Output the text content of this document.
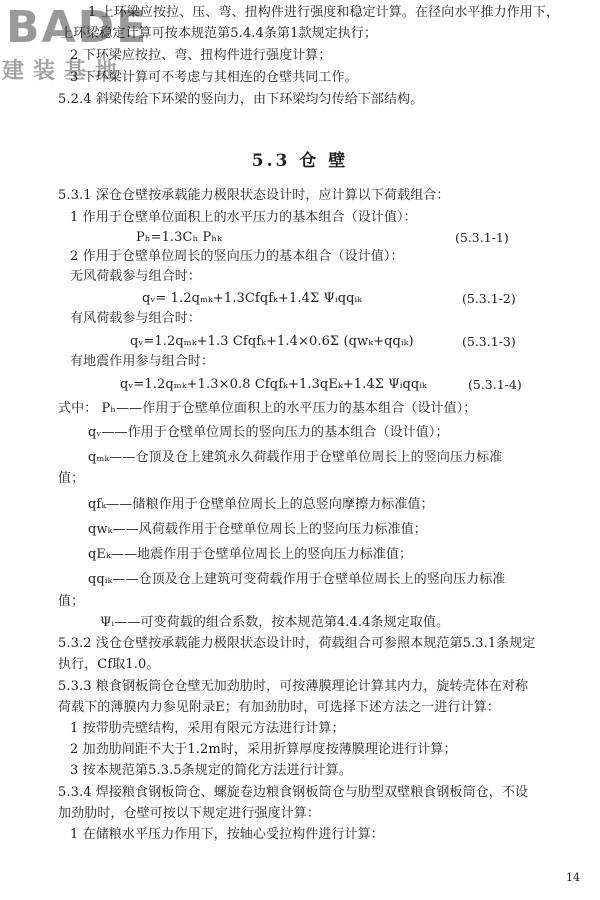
BADE
建装基地
1 上环梁应按拉、压、弯、扭构件进行强度和稳定计算。在径向水平推力作用下，
上环梁稳定计算可按本规范第5.4.4条第1款规定执行；
2 下环梁应按拉、弯、扭构件进行强度计算；
3 下环梁计算可不考虑与其相连的仓壁共同工作。
5.2.4 斜梁传给下环梁的竖向力，由下环梁均匀传给下部结构。
5.3 仓 壁
5.3.1 深仓仓壁按承载能力极限状态设计时，应计算以下荷载组合：
1 作用于仓壁单位面积上的水平压力的基本组合（设计值）：
Pₕ=1.3Cₕ Pₕₖ	(5.3.1-1)
2 作用于仓壁单位周长的竖向压力的基本组合（设计值）：
无风荷载参与组合时：
qᵥ= 1.2qₘₖ+1.3Cfqfₖ+1.4Σ Ψᵢqqᵢₖ	(5.3.1-2)
有风荷载参与组合时：
qᵥ=1.2qₘₖ+1.3 Cfqfₖ+1.4×0.6Σ (qwₖ+qqᵢₖ)	(5.3.1-3)
有地震作用参与组合时：
qᵥ=1.2qₘₖ+1.3×0.8 Cfqfₖ+1.3qEₖ+1.4Σ Ψᵢqqᵢₖ	(5.3.1-4)
式中： Pₕ——作用于仓壁单位面积上的水平压力的基本组合（设计值）；
qᵥ——作用于仓壁单位周长的竖向压力的基本组合（设计值）；
qₘₖ——仓顶及仓上建筑永久荷载作用于仓壁单位周长上的竖向压力标准
值；
qfₖ——储粮作用于仓壁单位周长上的总竖向摩擦力标准值；
qwₖ——风荷载作用于仓壁单位周长上的竖向压力标准值；
qEₖ——地震作用于仓壁单位周长上的竖向压力标准值；
qqᵢₖ——仓顶及仓上建筑可变荷载作用于仓壁单位周长上的竖向压力标准
值；
Ψᵢ——可变荷载的组合系数，按本规范第4.4.4条规定取值。
5.3.2 浅仓仓壁按承载能力极限状态设计时，荷载组合可参照本规范第5.3.1条规定
执行，Cf取1.0。
5.3.3 粮食钢板筒仓仓壁无加劲肋时，可按薄膜理论计算其内力，旋转壳体在对称
荷载下的薄膜内力参见附录E；有加劲肋时，可选择下述方法之一进行计算：
1 按带肋壳壁结构，采用有限元方法进行计算；
2 加劲肋间距不大于1.2m时，采用折算厚度按薄膜理论进行计算；
3 按本规范第5.3.5条规定的简化方法进行计算。
5.3.4 焊接粮食钢板筒仓、螺旋卷边粮食钢板筒仓与肋型双壁粮食钢板筒仓，不设
加劲肋时，仓壁可按以下规定进行强度计算：
1 在储粮水平压力作用下，按轴心受拉构件进行计算：
14
